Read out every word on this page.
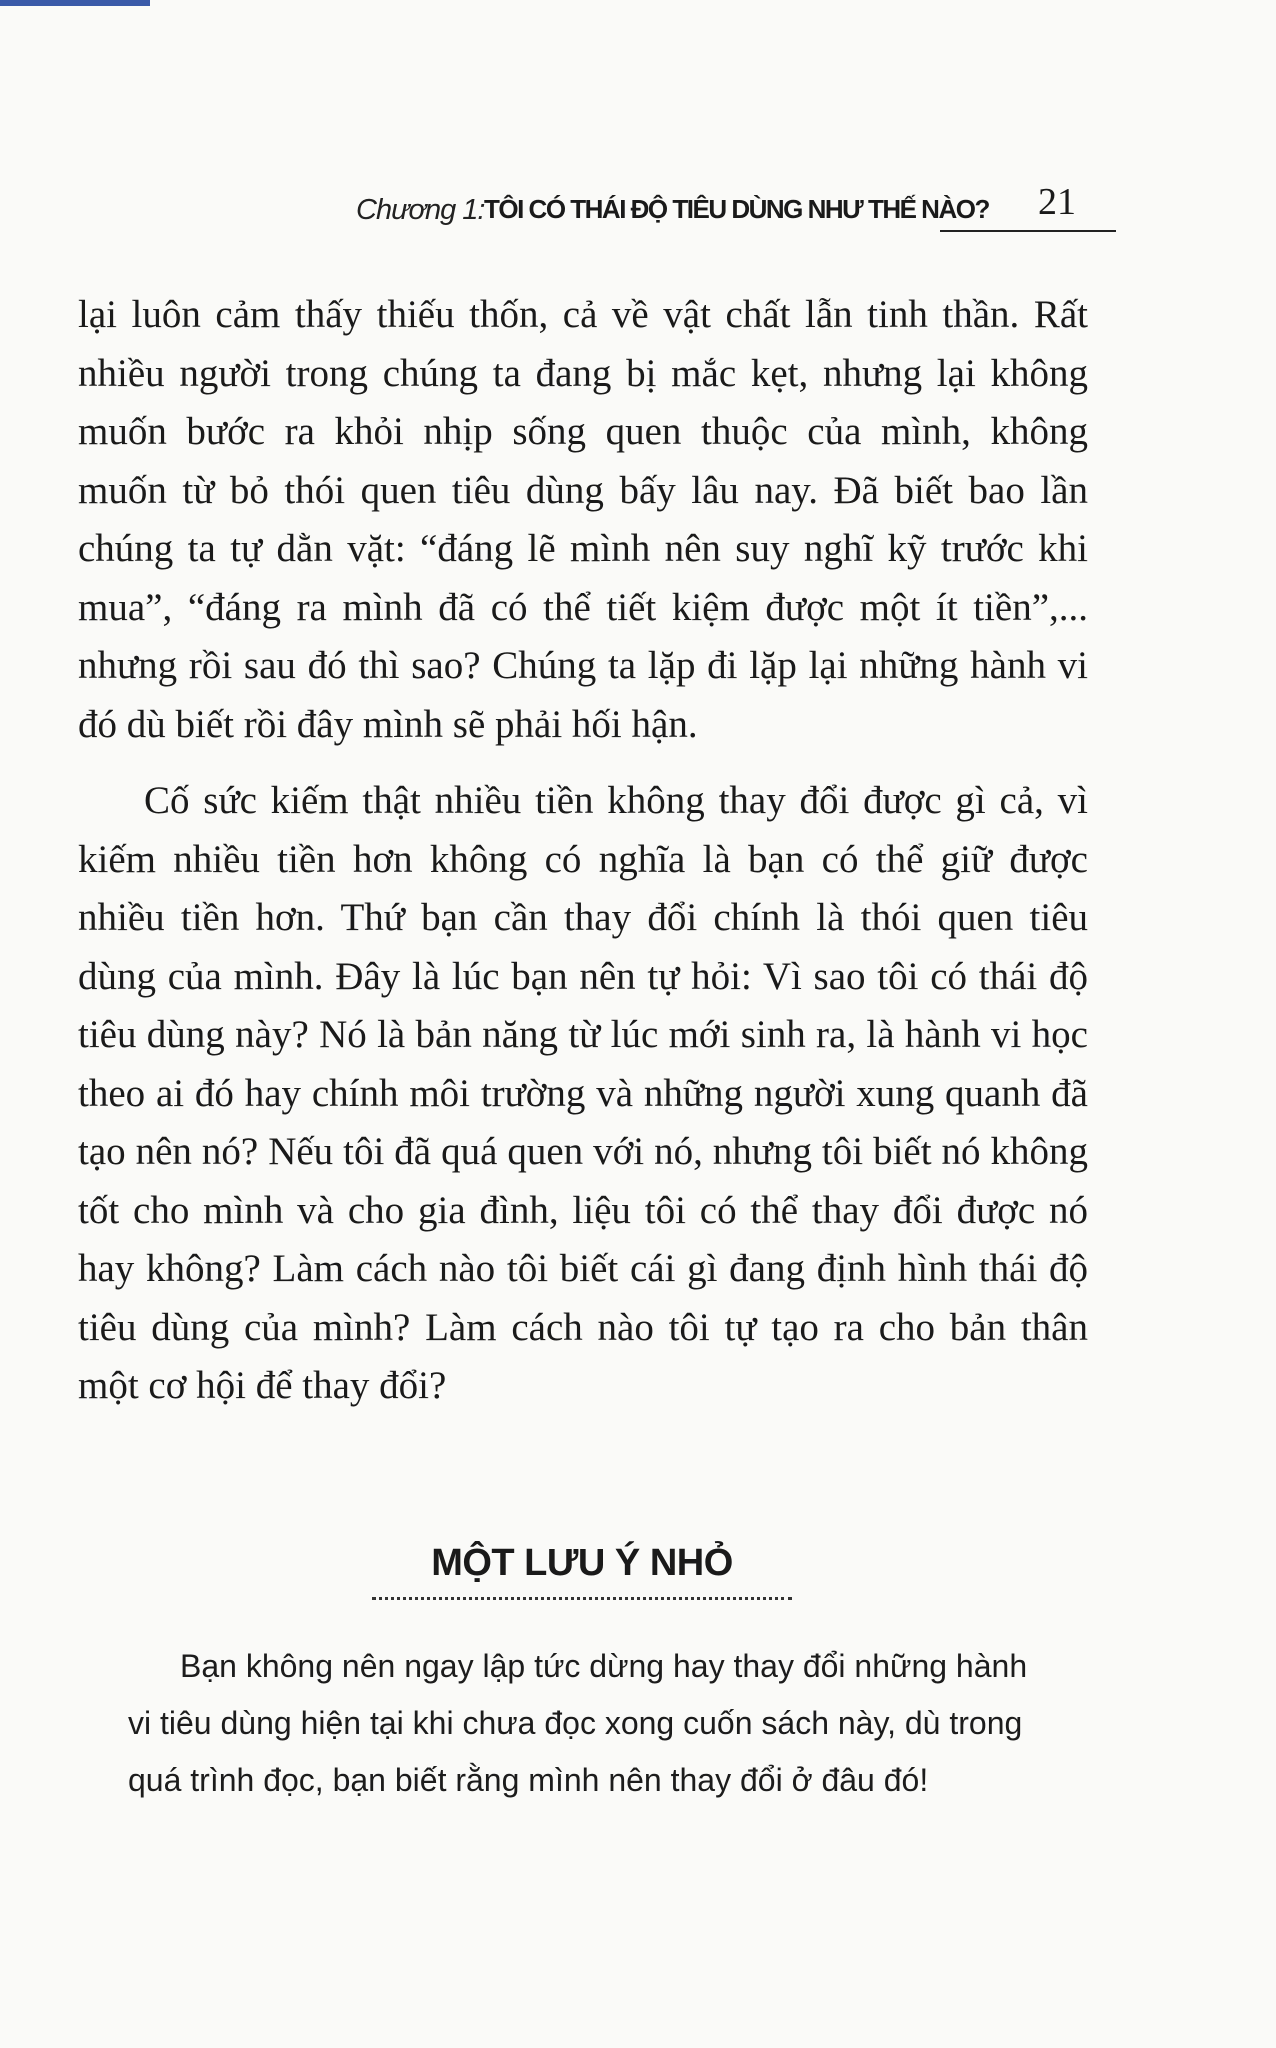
Chương 1: TÔI CÓ THÁI ĐỘ TIÊU DÙNG NHƯ THẾ NÀO? 21

lại luôn cảm thấy thiếu thốn, cả về vật chất lẫn tinh thần. Rất nhiều người trong chúng ta đang bị mắc kẹt, nhưng lại không muốn bước ra khỏi nhịp sống quen thuộc của mình, không muốn từ bỏ thói quen tiêu dùng bấy lâu nay. Đã biết bao lần chúng ta tự dằn vặt: “đáng lẽ mình nên suy nghĩ kỹ trước khi mua”, “đáng ra mình đã có thể tiết kiệm được một ít tiền”,... nhưng rồi sau đó thì sao? Chúng ta lặp đi lặp lại những hành vi đó dù biết rồi đây mình sẽ phải hối hận.

Cố sức kiếm thật nhiều tiền không thay đổi được gì cả, vì kiếm nhiều tiền hơn không có nghĩa là bạn có thể giữ được nhiều tiền hơn. Thứ bạn cần thay đổi chính là thói quen tiêu dùng của mình. Đây là lúc bạn nên tự hỏi: Vì sao tôi có thái độ tiêu dùng này? Nó là bản năng từ lúc mới sinh ra, là hành vi học theo ai đó hay chính môi trường và những người xung quanh đã tạo nên nó? Nếu tôi đã quá quen với nó, nhưng tôi biết nó không tốt cho mình và cho gia đình, liệu tôi có thể thay đổi được nó hay không? Làm cách nào tôi biết cái gì đang định hình thái độ tiêu dùng của mình? Làm cách nào tôi tự tạo ra cho bản thân một cơ hội để thay đổi?

MỘT LƯU Ý NHỎ

Bạn không nên ngay lập tức dừng hay thay đổi những hành vi tiêu dùng hiện tại khi chưa đọc xong cuốn sách này, dù trong quá trình đọc, bạn biết rằng mình nên thay đổi ở đâu đó!
